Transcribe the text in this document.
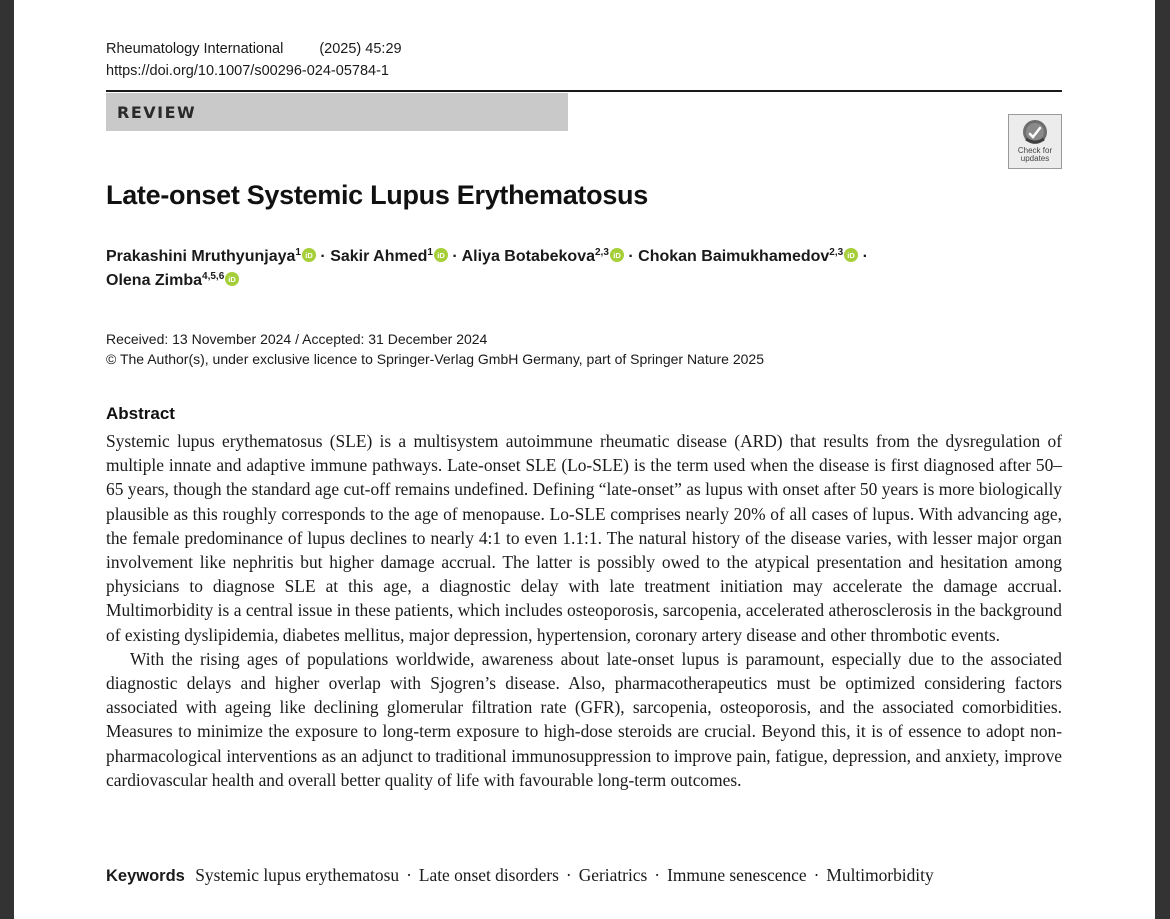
Rheumatology International (2025) 45:29
https://doi.org/10.1007/s00296-024-05784-1
REVIEW
Check for
updates
Late-onset Systemic Lupus Erythematosus
Prakashini Mruthyunjaya$^1$ iD · Sakir Ahmed$^1$ iD · Aliya Botabekova$^{2,3}$ iD · Chokan Baimukhamedov$^{2,3}$ iD · Olena Zimba$^{4,5,6}$ iD
Received: 13 November 2024 / Accepted: 31 December 2024
© The Author(s), under exclusive licence to Springer-Verlag GmbH Germany, part of Springer Nature 2025
Abstract

Systemic lupus erythematosus (SLE) is a multisystem autoimmune rheumatic disease (ARD) that results from the dysregulation of multiple innate and adaptive immune pathways. Late-onset SLE (Lo-SLE) is the term used when the disease is first diagnosed after 50–65 years, though the standard age cut-off remains undefined. Defining “late-onset” as lupus with onset after 50 years is more biologically plausible as this roughly corresponds to the age of menopause. Lo-SLE comprises nearly 20% of all cases of lupus. With advancing age, the female predominance of lupus declines to nearly 4:1 to even 1.1:1. The natural history of the disease varies, with lesser major organ involvement like nephritis but higher damage accrual. The latter is possibly owed to the atypical presentation and hesitation among physicians to diagnose SLE at this age, a diagnostic delay with late treatment initiation may accelerate the damage accrual. Multimorbidity is a central issue in these patients, which includes osteoporosis, sarcopenia, accelerated atherosclerosis in the background of existing dyslipidemia, diabetes mellitus, major depression, hypertension, coronary artery disease and other thrombotic events.

With the rising ages of populations worldwide, awareness about late-onset lupus is paramount, especially due to the associated diagnostic delays and higher overlap with Sjogren’s disease. Also, pharmacotherapeutics must be optimized considering factors associated with ageing like declining glomerular filtration rate (GFR), sarcopenia, osteoporosis, and the associated comorbidities. Measures to minimize the exposure to long-term exposure to high-dose steroids are crucial. Beyond this, it is of essence to adopt non-pharmacological interventions as an adjunct to traditional immunosuppression to improve pain, fatigue, depression, and anxiety, improve cardiovascular health and overall better quality of life with favourable long-term outcomes.

Keywords Systemic lupus erythematosu · Late onset disorders · Geriatrics · Immune senescence · Multimorbidity
